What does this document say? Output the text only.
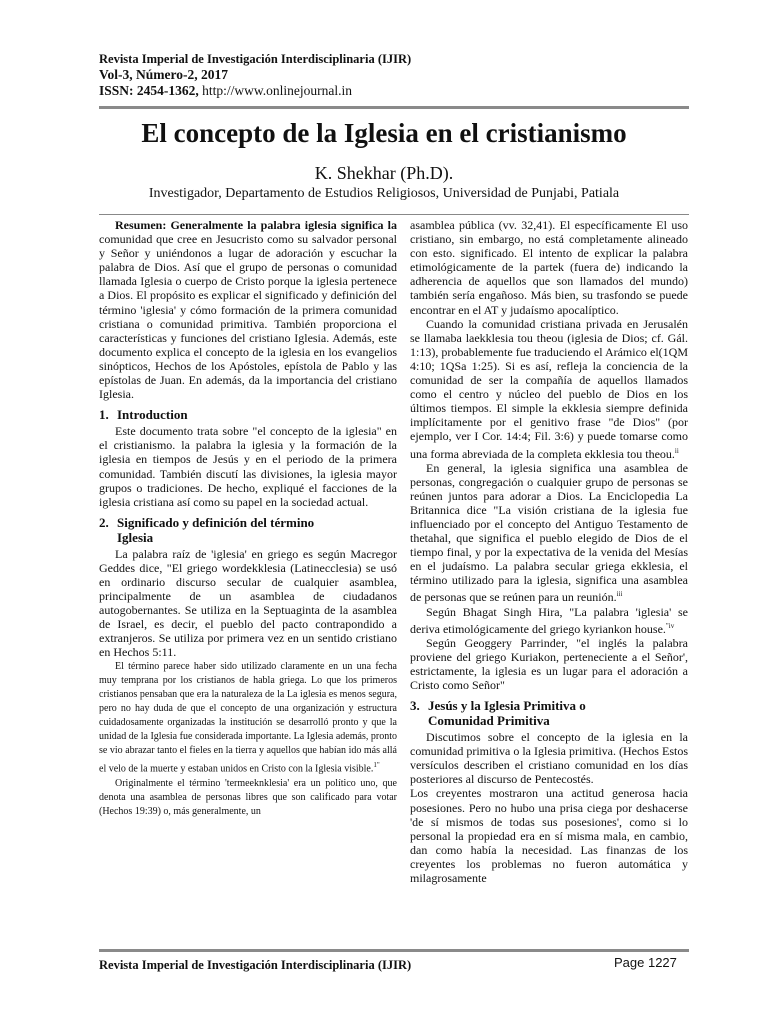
Revista Imperial de Investigación Interdisciplinaria (IJIR)
Vol-3, Número-2, 2017
ISSN: 2454-1362, http://www.onlinejournal.in
El concepto de la Iglesia en el cristianismo
K. Shekhar (Ph.D).
Investigador, Departamento de Estudios Religiosos, Universidad de Punjabi, Patiala

Resumen: Generalmente la palabra iglesia significa la comunidad que cree en Jesucristo como su salvador personal y Señor y uniéndonos a lugar de adoración y escuchar la palabra de Dios. Así que el grupo de personas o comunidad llamada Iglesia o cuerpo de Cristo porque la iglesia pertenece a Dios. El propósito es explicar el significado y definición del término 'iglesia' y cómo formación de la primera comunidad cristiana o comunidad primitiva. También proporciona el características y funciones del cristiano Iglesia. Además, este documento explica el concepto de la iglesia en los evangelios sinópticos, Hechos de los Apóstoles, epístola de Pablo y las epístolas de Juan. En además, da la importancia del cristiano Iglesia.

1. Introduction

Este documento trata sobre "el concepto de la iglesia" en el cristianismo. la palabra la iglesia y la formación de la iglesia en tiempos de Jesús y en el periodo de la primera comunidad. También discutí las divisiones, la iglesia mayor grupos o tradiciones. De hecho, expliqué el facciones de la iglesia cristiana así como su papel en la sociedad actual.

2. Significado y definición del término
Iglesia

La palabra raíz de 'iglesia' en griego es según Macregor Geddes dice, "El griego wordekklesia (Latinecclesia) se usó en ordinario discurso secular de cualquier asamblea, principalmente de un asamblea de ciudadanos autogobernantes. Se utiliza en la Septuaginta de la asamblea de Israel, es decir, el pueblo del pacto contrapondido a extranjeros. Se utiliza por primera vez en un sentido cristiano en Hechos 5:11.

El término parece haber sido utilizado claramente en un una fecha muy temprana por los cristianos de habla griega. Lo que los primeros cristianos pensaban que era la naturaleza de la La iglesia es menos segura, pero no hay duda de que el concepto de una organización y estructura cuidadosamente organizadas la institución se desarrolló pronto y que la unidad de la Iglesia fue considerada importante. La Iglesia además, pronto se vio abrazar tanto el fieles en la tierra y aquellos que habían ido más allá el velo de la muerte y estaban unidos en Cristo con la Iglesia visible.$^{1"}$

Originalmente el término 'termeeknklesia' era un político uno, que denota una asamblea de personas libres que son calificado para votar (Hechos 19:39) o, más generalmente, un

asamblea pública (vv. 32,41). El específicamente El uso cristiano, sin embargo, no está completamente alineado con esto. significado. El intento de explicar la palabra etimológicamente de la partek (fuera de) indicando la adherencia de aquellos que son llamados del mundo) también sería engañoso. Más bien, su trasfondo se puede encontrar en el AT y judaísmo apocalíptico.

Cuando la comunidad cristiana privada en Jerusalén se llamaba laekklesia tou theou (iglesia de Dios; cf. Gál. 1:13), probablemente fue traduciendo el Arámico el(1QM 4:10; 1QSa 1:25). Si es así, refleja la conciencia de la comunidad de ser la compañía de aquellos llamados como el centro y núcleo del pueblo de Dios en los últimos tiempos. El simple la ekklesia siempre definida implícitamente por el genitivo frase "de Dios" (por ejemplo, ver I Cor. 14:4; Fil. 3:6) y puede tomarse como una forma abreviada de la completa ekklesia tou theou.$^{ii}$

En general, la iglesia significa una asamblea de personas, congregación o cualquier grupo de personas se reúnen juntos para adorar a Dios. La Enciclopedia La Britannica dice "La visión cristiana de la iglesia fue influenciado por el concepto del Antiguo Testamento de thetahal, que significa el pueblo elegido de Dios de el tiempo final, y por la expectativa de la venida del Mesías en el judaísmo. La palabra secular griega ekklesia, el término utilizado para la iglesia, significa una asamblea de personas que se reúnen para un reunión.$^{iii}$

Según Bhagat Singh Hira, "La palabra 'iglesia' se deriva etimológicamente del griego kyriankon house.$^{"iv}$

Según Geoggery Parrinder, "el inglés la palabra proviene del griego Kuriakon, perteneciente a el Señor', estrictamente, la iglesia es un lugar para el adoración a Cristo como Señor"

3. Jesús y la Iglesia Primitiva o
Comunidad Primitiva

Discutimos sobre el concepto de la iglesia en la comunidad primitiva o la Iglesia primitiva. (Hechos Estos versículos describen el cristiano comunidad en los días posteriores al discurso de Pentecostés.

Los creyentes mostraron una actitud generosa hacia posesiones. Pero no hubo una prisa ciega por deshacerse 'de sí mismos de todas sus posesiones', como si lo personal la propiedad era en sí misma mala, en cambio, dan como había la necesidad. Las finanzas de los creyentes los problemas no fueron automática y milagrosamente

Revista Imperial de Investigación Interdisciplinaria (IJIR)	Page 1227
